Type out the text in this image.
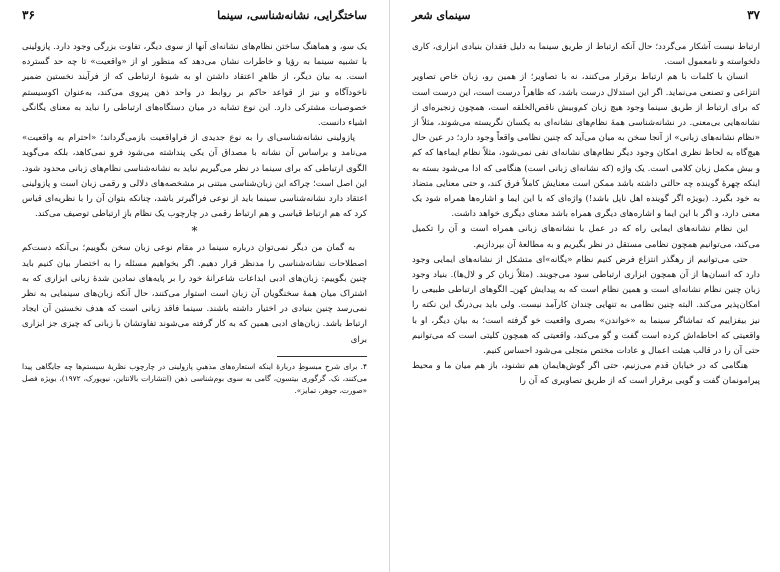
ساختگرایی، نشانه‌شناسی، سینما
۳۶

یک سو، و هماهنگ ساختن نظام‌های نشانه‌ای آنها از سوی دیگر، تفاوت بزرگی وجود دارد. پازولینی با تشبیه سینما به رؤیا و خاطرات نشان می‌دهد که منظور او از «واقعیت» تا چه حد گسترده است. به بیان دیگر، از ظاهرِ اعتقاد داشتن او به شیوهٔ ارتباطی که از فرآیند نخستین ضمیر ناخودآگاه و نیز از قواعد حاکم بر روابط در واحد ذهن پیروی می‌کند، به‌عنوان اکوسیستم خصوصیات مشترکی دارد. این نوع تشابه در میان دستگاه‌های ارتباطی را نباید به معنای یگانگی اشیاء دانست.

پازولینی نشانه‌شناسی‌ای را به نوع جدیدی از فراواقعیت بازمی‌گرداند؛ «احترام به واقعیت» می‌نامد و براساس آن نشانه با مصداق آن یکی پنداشته می‌شود فرو نمی‌کاهد، بلکه می‌گوید الگوی ارتباطی که برای سینما در نظر می‌گیریم نباید به نشانه‌شناسی نظام‌های زبانی محدود شود. این اصل است؛ چراکه این زبان‌شناسی مبتنی بر مشخصه‌های دلالی و رقمی زبان است و پازولینی اعتقاد دارد نشانه‌شناسی سینما باید از نوعی فراگیرتر باشد، چنانکه بتوان آن را با نظریه‌ای قیاس کرد که هم ارتباط قیاسی و هم ارتباط رقمی در چارچوب یک نظام بازِ ارتباطی توصیف می‌کند.

*

به گمان من دیگر نمی‌توان درباره سینما در مقام نوعی زبان سخن بگوییم؛ بی‌آنکه دست‌کم اصطلاحات نشانه‌شناسی را مدنظر قرار دهیم. اگر بخواهیم مسئله را به اختصار بیان کنیم باید چنین بگوییم: زبان‌های ادبی ابداعات شاعرانهٔ خود را بر پایه‌های نمادین شدهٔ زبانی ابزاری که به اشتراک میان همهٔ سخنگویان آن زبان است استوار می‌کنند، حال آنکه زبان‌های سینمایی به نظر نمی‌رسد چنین بنیادی در اختیار داشته باشند. سینما فاقد زبانی است که هدف نخستین آن ایجاد ارتباط باشد. زبان‌های ادبی همین که به کار گرفته می‌شوند تفاوتشان با زبانی که چیزی جز ابزاری برای

۴. برای شرحِ مبسوطِ دربارهٔ اینکه استعاره‌های مذهبیِ پازولینی در چارچوب نظریهٔ سیستم‌ها چه جایگاهی پیدا می‌کنند، نک. گرگوری بیتسون، گامی به سوی بوم‌شناسی ذهن (انتشارات بالانتاین، نیویورک، ۱۹۷۲)، بویژه فصل «صورت، جوهر، تمایز».

۳۷
سینمای شعر

ارتباط نیست آشکار می‌گردد؛ حال آنکه ارتباط از طریق سینما به دلیل فقدان بنیادی ابزاری، کاری دلخواسته و نامعمول است.

انسان با کلمات با هم ارتباط برقرار می‌کنند، نه با تصاویر؛ از همین رو، زبان خاص تصاویر انتزاعی و تصنعی می‌نماید. اگر این استدلال درست باشد، که ظاهراً درست است، این درست است که برای ارتباط از طریق سینما وجود هیچ زبان کم‌وبیش ناقص‌الخلقه است، همچون زنجیره‌ای از نشانه‌هایی بی‌معنی. در نشانه‌شناسی همهٔ نظام‌های نشانه‌ای به یکسان نگریسته می‌شوند، مثلاً از «نظام نشانه‌های زبانی» از آنجا سخن به میان می‌آید که چنین نظامی واقعاً وجود دارد؛ در عین حال هیچ‌گاه به لحاظ نظری امکان وجود دیگر نظام‌های نشانه‌ای نفی نمی‌شود، مثلاً نظام ایماء‌ها که کم و بیش مکمل زبان کلامی است. یک واژه (که نشانه‌ای زبانی است) هنگامی که ادا می‌شود بسته به اینکه چهرهٔ گوینده چه حالتی داشته باشد ممکن است معنایش کاملاً فرق کند، و حتی معنایی متضاد به خود بگیرد. (بویژه اگر گوینده اهل ناپل باشد!) واژه‌ای که با این ایما و اشاره‌ها همراه شود یک معنی دارد، و اگر با این ایما و اشاره‌های دیگری همراه باشد معنای دیگری خواهد داشت.

این نظام نشانه‌های ایمایی راه که در عمل با نشانه‌های زبانی همراه است و آن را تکمیل می‌کند، می‌توانیم همچون نظامی مستقل در نظر بگیریم و به مطالعهٔ آن بپردازیم.

حتی می‌توانیم از رهگذر انتزاع فرض کنیم نظام «یگانه»ای متشکل از نشانه‌های ایمایی وجود دارد که انسان‌ها از آن همچون ابزاری ارتباطی سود می‌جویند. (مثلاً زبان کر و لال‌ها). بنیاد وجود زبان چنین نظام نشانه‌ای است و همین نظام است که به پیدایش کهن‌ـ الگوهای ارتباطی طبیعی را امکان‌پذیر می‌کند. البته چنین نظامی به تنهایی چندان کارآمد نیست. ولی باید بی‌درنگ این نکته را نیز بیفزاییم که تماشاگر سینما به «خواندن» بصری واقعیت خو گرفته است؛ به بیان دیگر، او با واقعیتی که احاطه‌اش کرده است گفت و گو می‌کند، واقعیتی که همچون کلیتی است که می‌توانیم حتی آن را در قالب هیئت اعمال و عادات مختص متجلی می‌شود احساس کنیم.

هنگامی که در خیابان قدم می‌زنیم، حتی اگر گوش‌هایمان هم نشنود، باز هم میان ما و محیط پیرامونمان گفت و گویی برقرار است که از طریق تصاویری که آن را
